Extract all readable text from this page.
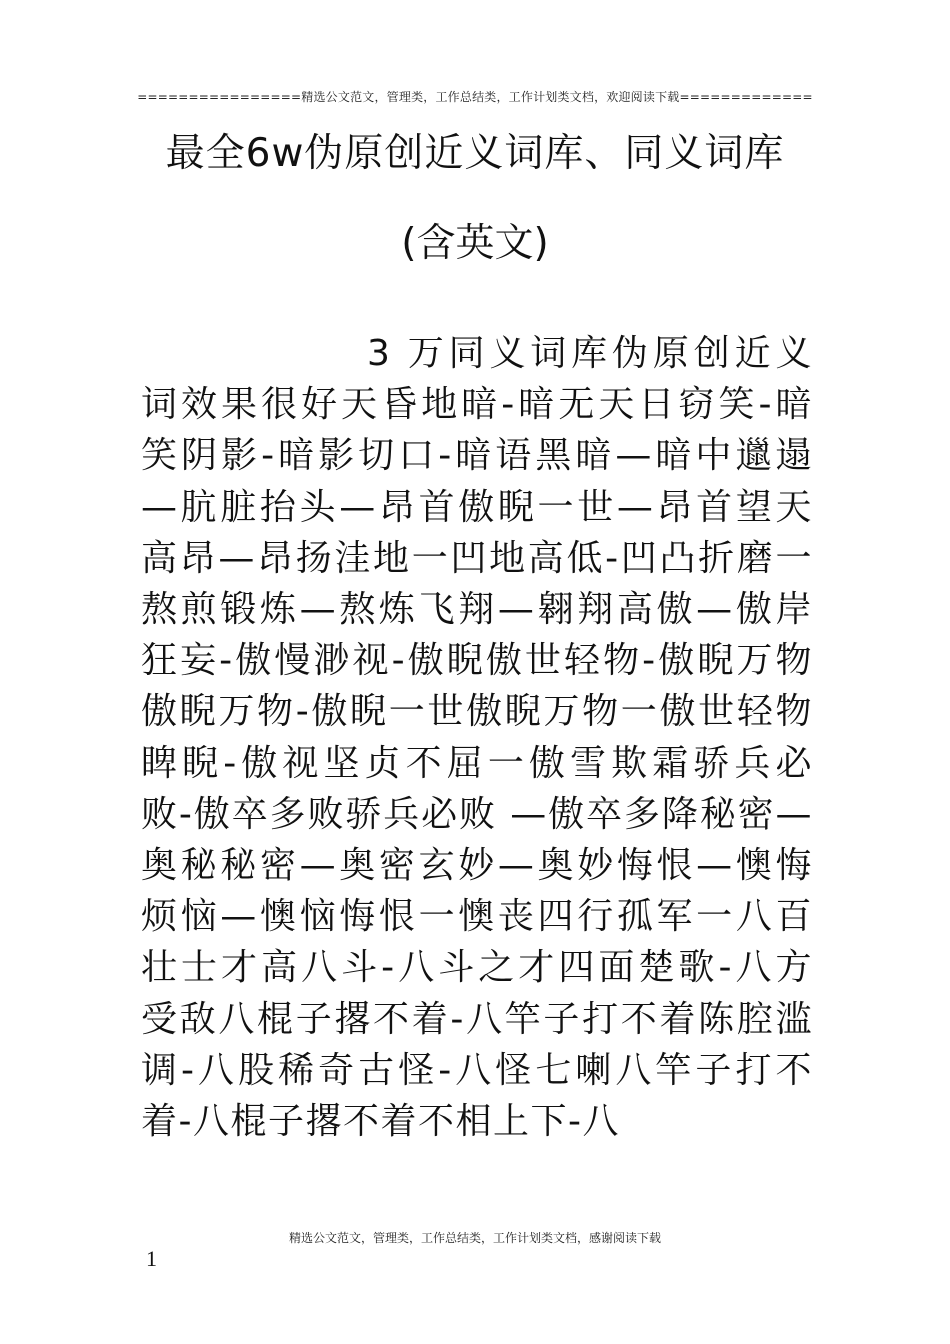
================精选公文范文，管理类，工作总结类，工作计划类文档，欢迎阅读下载=============
最全6w伪原创近义词库、同义词库
(含英文)
3 万同义词库伪原创近义
词效果很好天昏地暗-暗无天日窃笑-暗
笑阴影-暗影切口-暗语黑暗—暗中邋遢
—肮脏抬头—昂首傲睨一世—昂首望天
高昂—昂扬洼地一凹地高低-凹凸折磨一
熬煎锻炼—熬炼飞翔—翱翔高傲—傲岸
狂妄-傲慢渺视-傲睨傲世轻物-傲睨万物
傲睨万物-傲睨一世傲睨万物一傲世轻物
睥睨-傲视坚贞不屈一傲雪欺霜骄兵必
败-傲卒多败骄兵必败 —傲卒多降秘密—
奥秘秘密—奥密玄妙—奥妙悔恨—懊悔
烦恼—懊恼悔恨一懊丧四行孤军一八百
壮士才高八斗-八斗之才四面楚歌-八方
受敌八棍子撂不着-八竿子打不着陈腔滥
调-八股稀奇古怪-八怪七喇八竿子打不
着-八棍子撂不着不相上下-八
精选公文范文，管理类，工作总结类，工作计划类文档，感谢阅读下载
1
